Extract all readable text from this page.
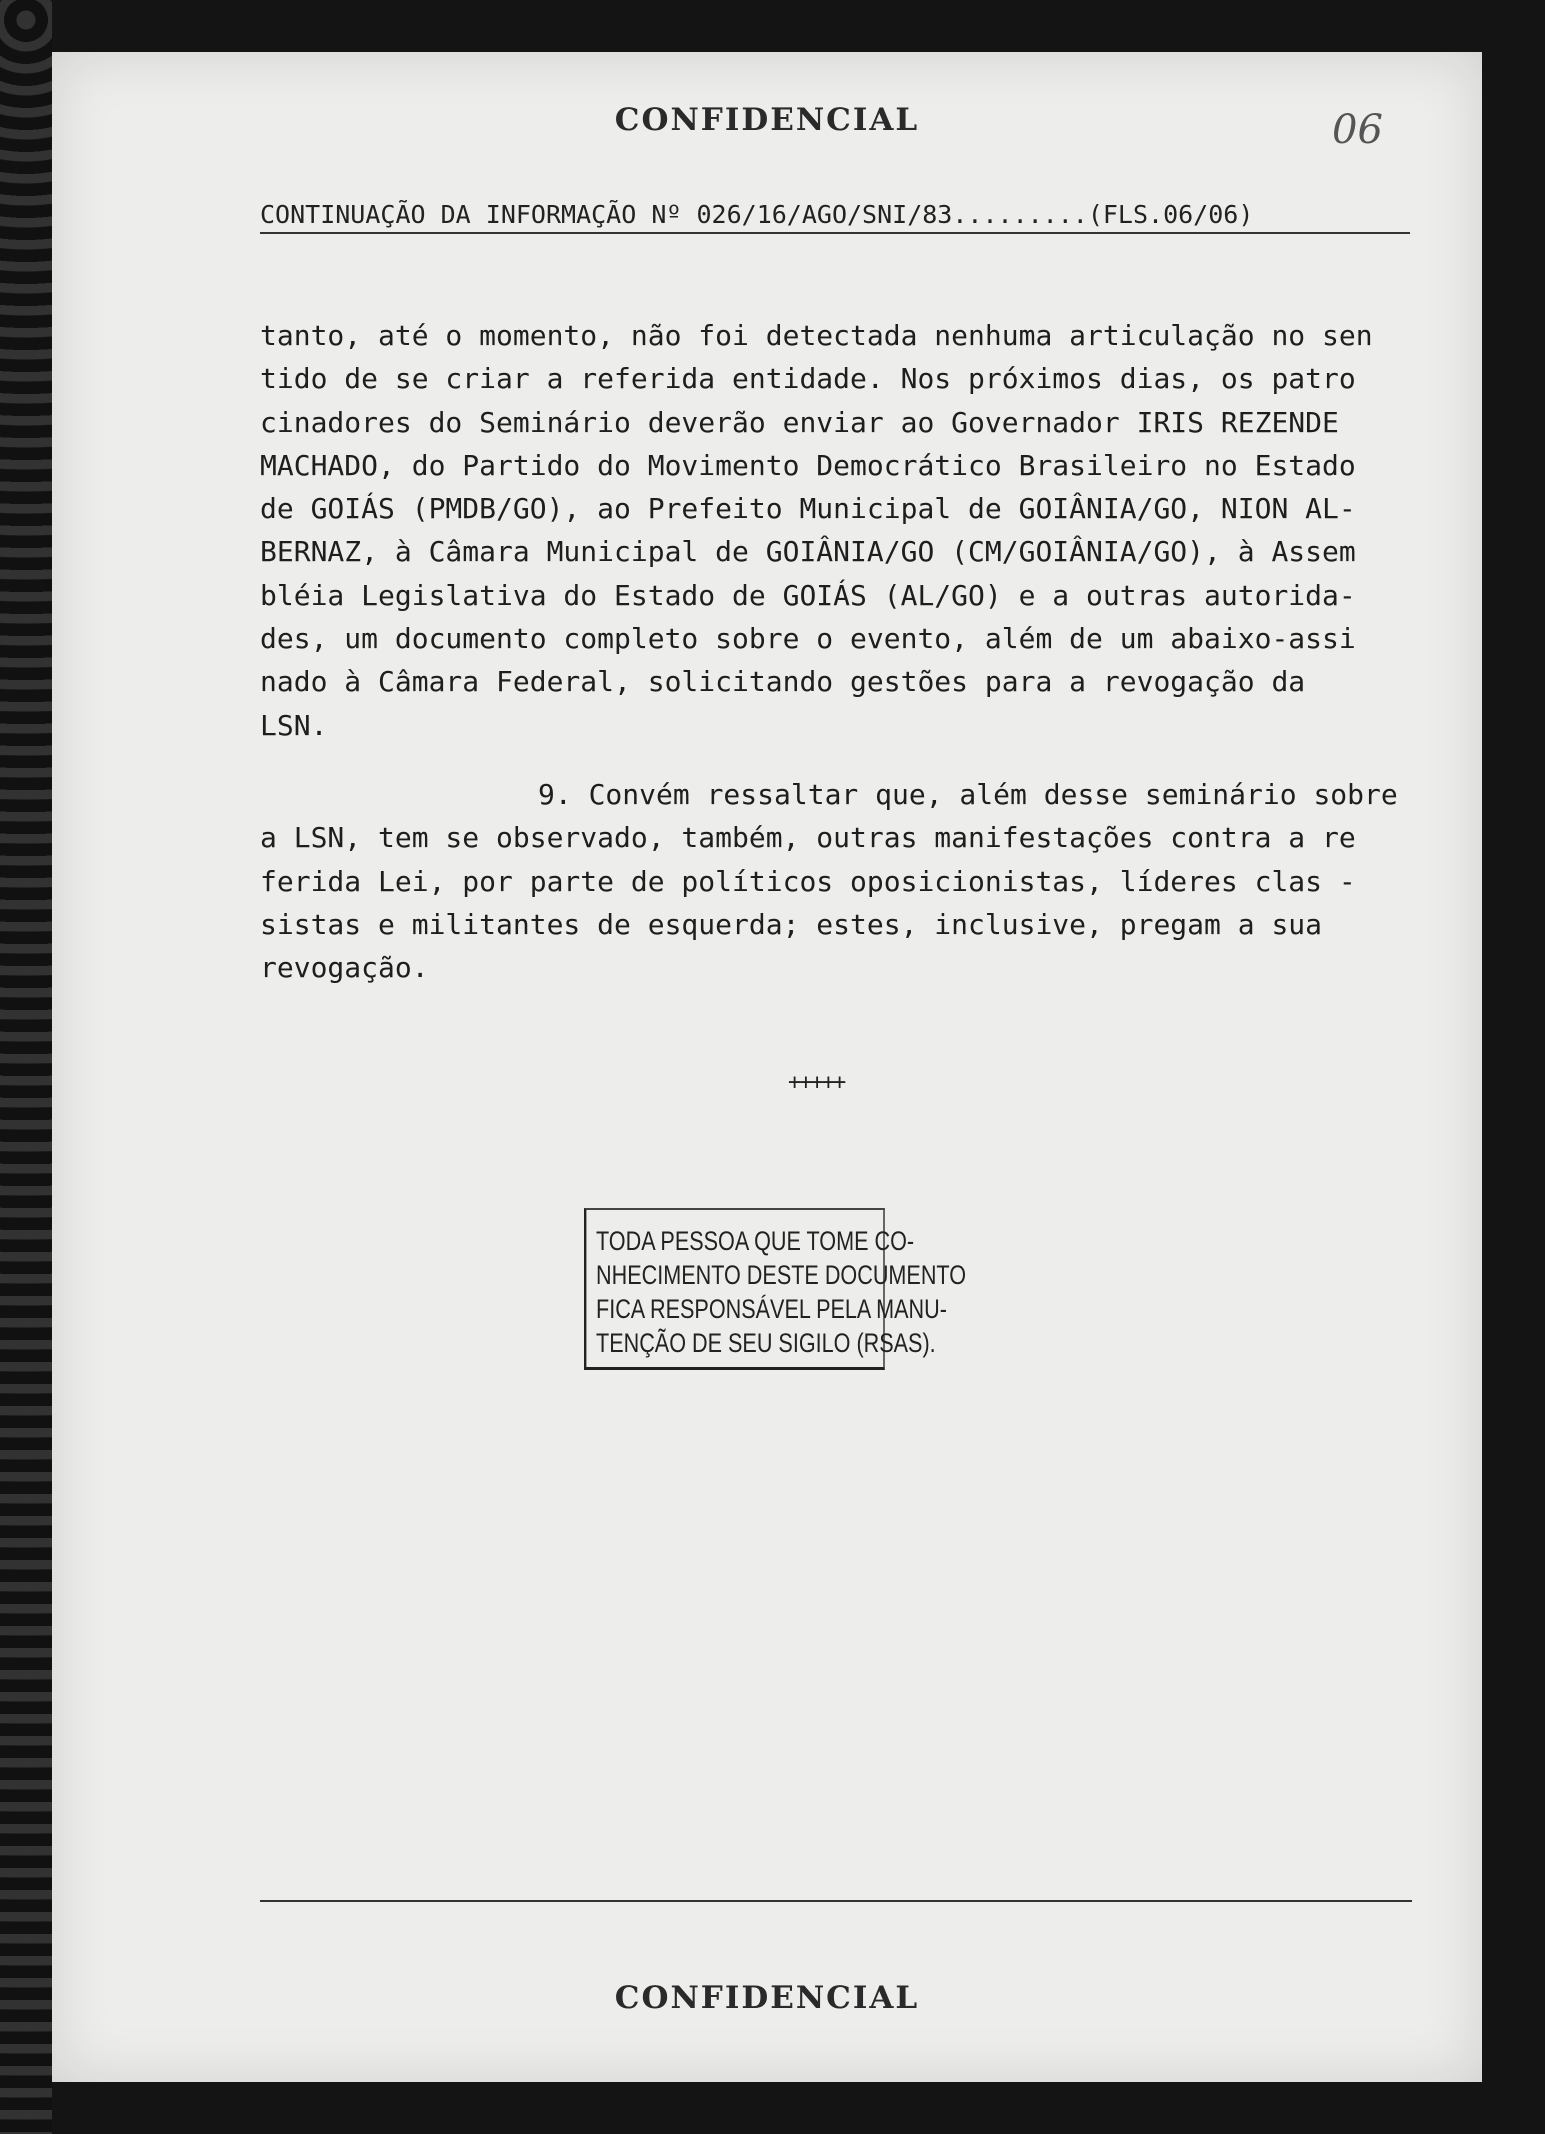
CONFIDENCIAL	06
CONTINUAÇÃO DA INFORMAÇÃO Nº 026/16/AGO/SNI/83.........(FLS.06/06)
tanto, até o momento, não foi detectada nenhuma articulação no sen
tido de se criar a referida entidade. Nos próximos dias, os patro
cinadores do Seminário deverão enviar ao Governador IRIS REZENDE
MACHADO, do Partido do Movimento Democrático Brasileiro no Estado
de GOIÁS (PMDB/GO), ao Prefeito Municipal de GOIÂNIA/GO, NION AL-
BERNAZ, à Câmara Municipal de GOIÂNIA/GO (CM/GOIÂNIA/GO), à Assem
bléia Legislativa do Estado de GOIÁS (AL/GO) e a outras autorida-
des, um documento completo sobre o evento, além de um abaixo-assi
nado à Câmara Federal, solicitando gestões para a revogação da
LSN.
9. Convém ressaltar que, além desse seminário sobre
a LSN, tem se observado, também, outras manifestações contra a re
ferida Lei, por parte de políticos oposicionistas, líderes clas -
sistas e militantes de esquerda; estes, inclusive, pregam a sua
revogação.
+++++
TODA PESSOA QUE TOME CO-
NHECIMENTO DESTE DOCUMENTO
FICA RESPONSÁVEL PELA MANU-
TENÇÃO DE SEU SIGILO (RSAS).
CONFIDENCIAL
